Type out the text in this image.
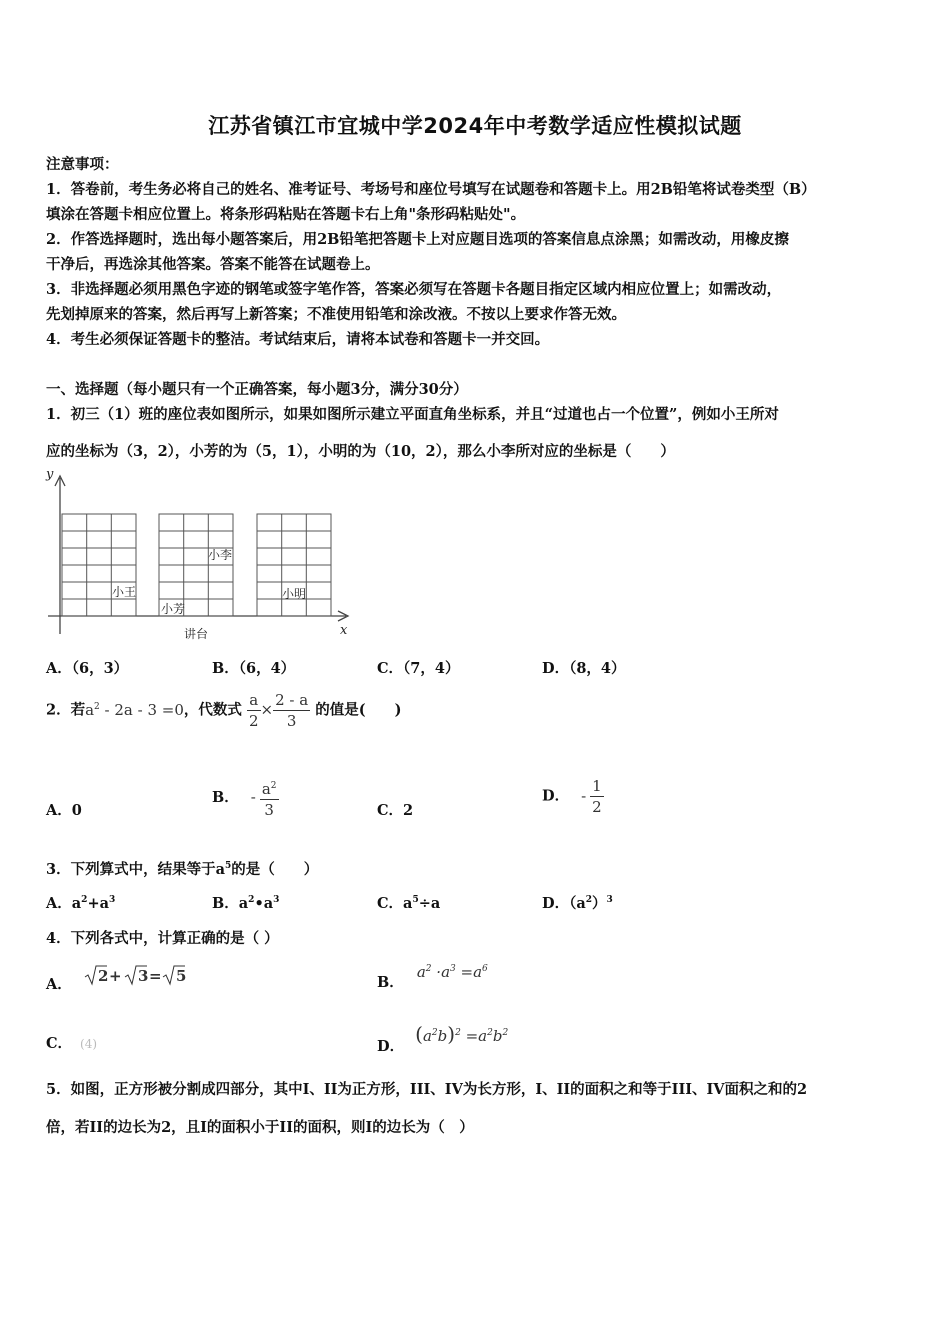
江苏省镇江市宜城中学2024年中考数学适应性模拟试题
注意事项：
1．答卷前，考生务必将自己的姓名、准考证号、考场号和座位号填写在试题卷和答题卡上。用2B铅笔将试卷类型（B）
填涂在答题卡相应位置上。将条形码粘贴在答题卡右上角"条形码粘贴处"。
2．作答选择题时，选出每小题答案后，用2B铅笔把答题卡上对应题目选项的答案信息点涂黑；如需改动，用橡皮擦
干净后，再选涂其他答案。答案不能答在试题卷上。
3．非选择题必须用黑色字迹的钢笔或签字笔作答，答案必须写在答题卡各题目指定区域内相应位置上；如需改动，
先划掉原来的答案，然后再写上新答案；不准使用铅笔和涂改液。不按以上要求作答无效。
4．考生必须保证答题卡的整洁。考试结束后，请将本试卷和答题卡一并交回。
一、选择题（每小题只有一个正确答案，每小题3分，满分30分）
1．初三（1）班的座位表如图所示，如果如图所示建立平面直角坐标系，并且“过道也占一个位置”，例如小王所对
应的坐标为（3，2），小芳的为（5，1），小明的为（10，2），那么小李所对应的坐标是（　　）
y
x
小王
小芳
小李
小明
讲台
A．（6，3）	B．（6，4）	C．（7，4）	D．（8，4）
2．若$a^2 - 2a - 3 =0$，代数式 $\frac{a}{2} \times \frac{2 - a}{3}$ 的值是(　　)
A．0
B． - $\frac{a^2}{3}$	C．2
D． - $\frac{1}{2}$
3．下列算式中，结果等于$a^5$的是（　　）
A．$a^2+a^3$	B．$a^2•a^3$	C．$a^5\div a$	D．$(a^2)^3$
4．下列各式中，计算正确的是（ ）
A． 2 + 3 = 5	B． $a^2 \cdot a^3 =a^6$
C． (4)	D． $(a^2b)^2 =a^2b^2$
5．如图，正方形被分割成四部分，其中I、II为正方形，III、IV为长方形，I、II的面积之和等于III、IV面积之和的2
倍，若II的边长为2，且I的面积小于II的面积，则I的边长为（　）
